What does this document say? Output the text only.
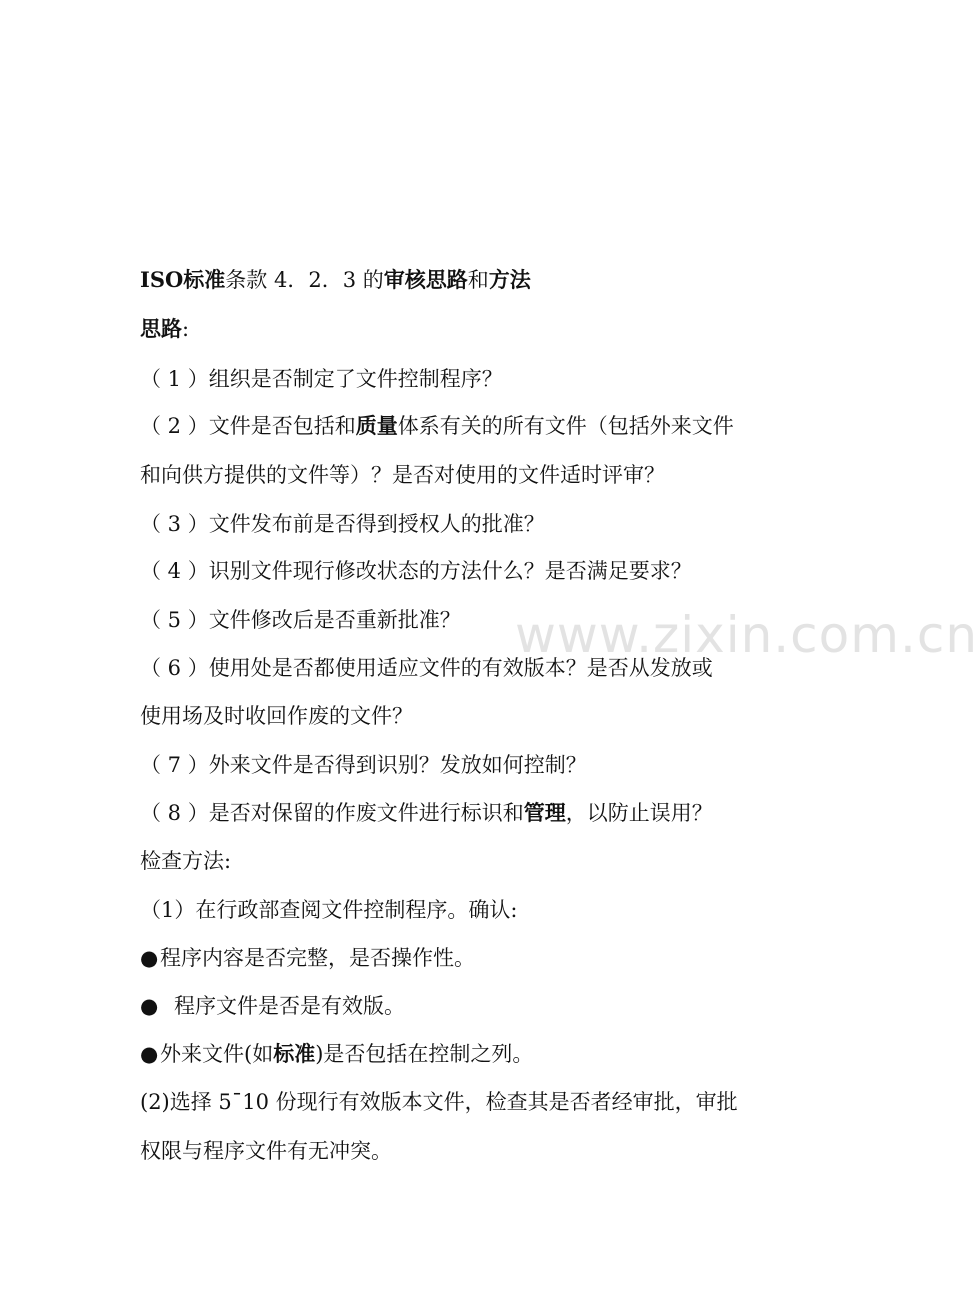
www.zixin.com.cn
ISO标准条款 4．2．3 的审核思路和方法
思路:
（ 1 ）组织是否制定了文件控制程序？
（ 2 ）文件是否包括和质量体系有关的所有文件（包括外来文件
和向供方提供的文件等）？是否对使用的文件适时评审？
（ 3 ）文件发布前是否得到授权人的批准？
（ 4 ）识别文件现行修改状态的方法什么？是否满足要求？
（ 5 ）文件修改后是否重新批准？
（ 6 ）使用处是否都使用适应文件的有效版本？是否从发放或
使用场及时收回作废的文件？
（ 7 ）外来文件是否得到识别？发放如何控制？
（ 8 ）是否对保留的作废文件进行标识和管理，以防止误用？
检查方法:
（1）在行政部查阅文件控制程序。确认:
●程序内容是否完整，是否操作性。
● 程序文件是否是有效版。
●外来文件(如标准)是否包括在控制之列。
(2)选择 5¯10 份现行有效版本文件，检查其是否者经审批，审批
权限与程序文件有无冲突。
